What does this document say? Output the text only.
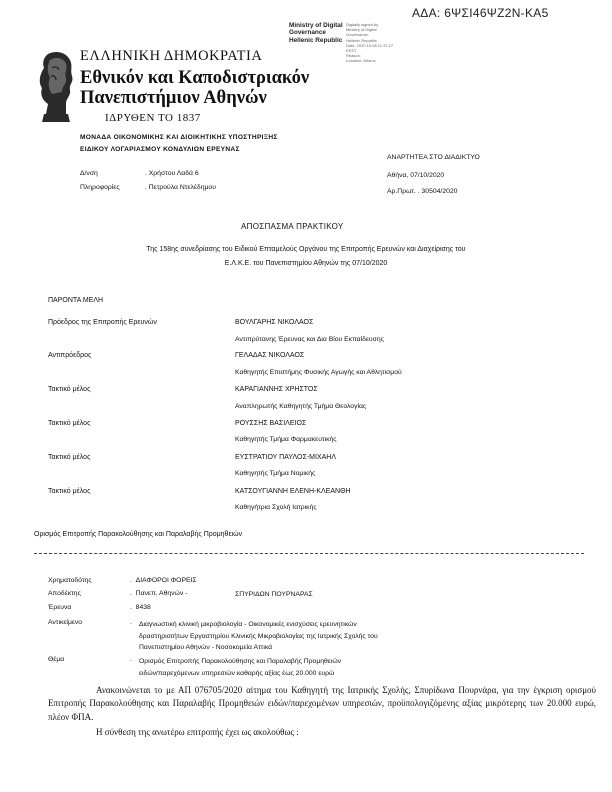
ΑΔΑ: 6ΨΣΙ46ΨΖ2Ν-ΚΑ5
Ministry of Digital
Governance
Hellenic Republic
Digitally signed by
Ministry of Digital
Governance,
Hellenic Republic
Date: 2020.10.08 11:37:27
EEST
Reason:
Location: Athens
ΕΛΛΗΝΙΚΗ ΔΗΜΟΚΡΑΤΙΑ
Εθνικόν και Καποδιστριακόν
Πανεπιστήμιον Αθηνών
ΙΔΡΥΘΕΝ ΤΟ 1837
ΜΟΝΑΔΑ ΟΙΚΟΝΟΜΙΚΗΣ ΚΑΙ ΔΙΟΙΚΗΤΙΚΗΣ ΥΠΟΣΤΗΡΙΞΗΣ
ΕΙΔΙΚΟΥ ΛΟΓΑΡΙΑΣΜΟΥ ΚΟΝΔΥΛΙΩΝ ΕΡΕΥΝΑΣ
ΑΝΑΡΤΗΤΕΑ ΣΤΟ ΔΙΑΔΙΚΤΥΟ
Αθήνα, 07/10/2020
Αρ.Πρωτ. . 30504/2020
Δ/νση	. Χρήστου Λαδά 6
Πληροφορίες	. Πετρούλα Ντελέδημου
ΑΠΟΣΠΑΣΜΑ ΠΡΑΚΤΙΚΟΥ
Της 158ης συνεδρίασης του Ειδικού Επταμελούς Οργάνου της Επιτροπής Ερευνών και Διαχείρισης του
Ε.Λ.Κ.Ε. του Πανεπιστημίου Αθηνών της 07/10/2020
ΠΑΡΟΝΤΑ ΜΕΛΗ
Πρόεδρος της Επιτροπής Ερευνών	ΒΟΥΛΓΑΡΗΣ ΝΙΚΟΛΑΟΣ
Αντιπρύτανης Έρευνας και Δια Βίου Εκπαίδευσης
Αντιπρόεδρος	ΓΕΛΑΔΑΣ ΝΙΚΟΛΑΟΣ
Καθηγητής Επιστήμης Φυσικής Αγωγής και Αθλητισμού
Τακτικό μέλος	ΚΑΡΑΓΙΑΝΝΗΣ ΧΡΗΣΤΟΣ
Αναπληρωτής Καθηγητής Τμήμα Θεολογίας
Τακτικό μέλος	ΡΟΥΣΣΗΣ ΒΑΣΙΛΕΙΟΣ
Καθηγητής Τμήμα Φαρμακευτικής
Τακτικό μέλος	ΕΥΣΤΡΑΤΙΟΥ ΠΑΥΛΟΣ-ΜΙΧΑΗΛ
Καθηγητής Τμήμα Νομικής
Τακτικό μέλος	ΚΑΤΣΟΥΓΙΑΝΝΗ ΕΛΕΝΗ-ΚΛΕΑΝΘΗ
Καθηγήτρια Σχολή Ιατρικής
Ορισμός Επιτροπής Παρακολούθησης και Παραλαβής Προμηθειών
Χρηματοδότης	.  ΔΙΑΦΟΡΟΙ ΦΟΡΕΙΣ
Αποδέκτης	.  Πανεπ. Αθηνών -	ΣΠΥΡΙΔΩΝ ΠΟΥΡΝΑΡΑΣ
Έρευνα	.  8438
Αντικείμενο	. Διαγνωστική κλινική μικροβιολογία - Οικονομικές ενισχύσεις ερευνητικών
δραστηριοτήτων Εργαστηρίου Κλινικής Μικροβιολογίας της Ιατρικής Σχολής του
Πανεπιστημίου Αθηνών - Νοσοκομεία Αττικά
Θέμα	. Ορισμός Επιτροπής Παρακολούθησης και Παραλαβής Προμηθειών
ειδών/παρεχόμενων υπηρεσιών καθαρής αξίας έως 20.000 ευρώ
Ανακοινώνεται το με ΑΠ 076705/2020 αίτημα του Καθηγητή της Ιατρικής Σχολής, Σπυρίδωνα Πουρνάρα, για την έγκριση ορισμού Επιτροπής Παρακολούθησης και Παραλαβής Προμηθειών ειδών/παρεχομένων υπηρεσιών, προϋπολογιζόμενης αξίας μικρότερης των 20.000 ευρώ, πλέον ΦΠΑ.
Η σύνθεση της ανωτέρω επιτροπής έχει ως ακολούθως :
